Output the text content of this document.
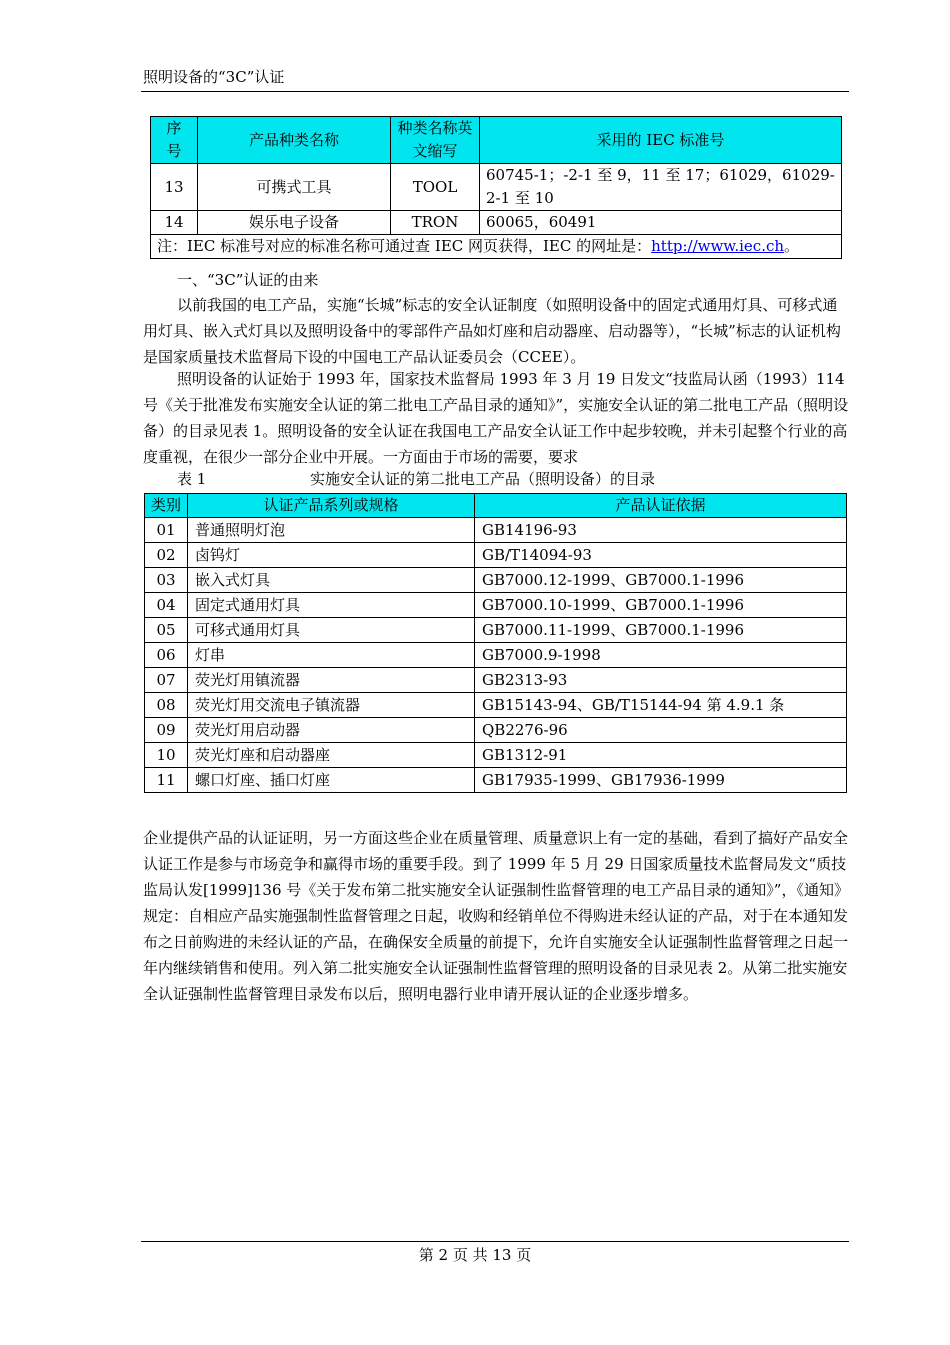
照明设备的“3C”认证
序号	产品种类名称	种类名称英文缩写	采用的 IEC 标准号
13	可携式工具	TOOL	60745-1；-2-1 至 9，11 至 17；61029，61029-2-1 至 10
14	娱乐电子设备	TRON	60065，60491
注：IEC 标准号对应的标准名称可通过查 IEC 网页获得，IEC 的网址是：http://www.iec.ch。			
一、“3C”认证的由来
以前我国的电工产品，实施“长城”标志的安全认证制度（如照明设备中的固定式通用灯具、可移式通用灯具、嵌入式灯具以及照明设备中的零部件产品如灯座和启动器座、启动器等），“长城”标志的认证机构是国家质量技术监督局下设的中国电工产品认证委员会（CCEE）。
照明设备的认证始于 1993 年，国家技术监督局 1993 年 3 月 19 日发文“技监局认函（1993）114 号《关于批准发布实施安全认证的第二批电工产品目录的通知》”，实施安全认证的第二批电工产品（照明设备）的目录见表 1。照明设备的安全认证在我国电工产品安全认证工作中起步较晚，并未引起整个行业的高度重视，在很少一部分企业中开展。一方面由于市场的需要，要求
表 1	实施安全认证的第二批电工产品（照明设备）的目录
类别	认证产品系列或规格	产品认证依据
01	普通照明灯泡	GB14196-93
02	卤钨灯	GB/T14094-93
03	嵌入式灯具	GB7000.12-1999、GB7000.1-1996
04	固定式通用灯具	GB7000.10-1999、GB7000.1-1996
05	可移式通用灯具	GB7000.11-1999、GB7000.1-1996
06	灯串	GB7000.9-1998
07	荧光灯用镇流器	GB2313-93
08	荧光灯用交流电子镇流器	GB15143-94、GB/T15144-94 第 4.9.1 条
09	荧光灯用启动器	QB2276-96
10	荧光灯座和启动器座	GB1312-91
11	螺口灯座、插口灯座	GB17935-1999、GB17936-1999
企业提供产品的认证证明，另一方面这些企业在质量管理、质量意识上有一定的基础，看到了搞好产品安全认证工作是参与市场竞争和赢得市场的重要手段。到了 1999 年 5 月 29 日国家质量技术监督局发文“质技监局认发[1999]136 号《关于发布第二批实施安全认证强制性监督管理的电工产品目录的通知》”，《通知》规定：自相应产品实施强制性监督管理之日起，收购和经销单位不得购进未经认证的产品，对于在本通知发布之日前购进的未经认证的产品，在确保安全质量的前提下，允许自实施安全认证强制性监督管理之日起一年内继续销售和使用。列入第二批实施安全认证强制性监督管理的照明设备的目录见表 2。从第二批实施安全认证强制性监督管理目录发布以后，照明电器行业申请开展认证的企业逐步增多。
第 2 页 共 13 页
